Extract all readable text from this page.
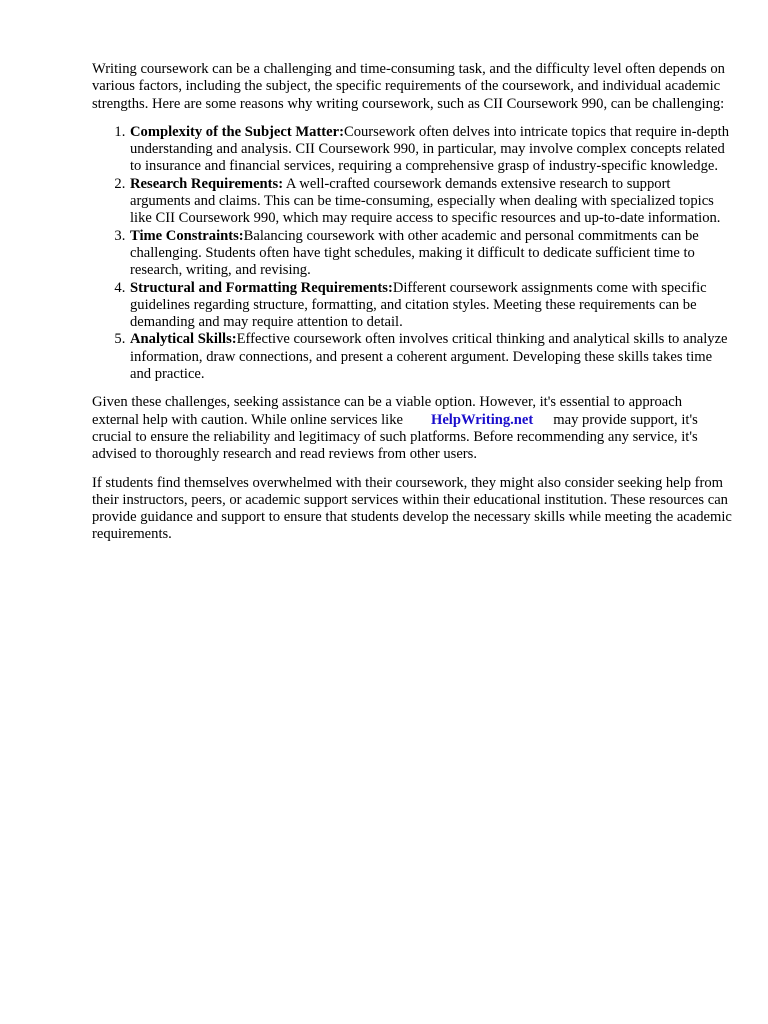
Writing coursework can be a challenging and time-consuming task, and the difficulty level often depends on various factors, including the subject, the specific requirements of the coursework, and individual academic strengths. Here are some reasons why writing coursework, such as CII Coursework 990, can be challenging:

1. Complexity of the Subject Matter:Coursework often delves into intricate topics that require in-depth understanding and analysis. CII Coursework 990, in particular, may involve complex concepts related to insurance and financial services, requiring a comprehensive grasp of industry-specific knowledge.
2. Research Requirements: A well-crafted coursework demands extensive research to support arguments and claims. This can be time-consuming, especially when dealing with specialized topics like CII Coursework 990, which may require access to specific resources and up-to-date information.
3. Time Constraints:Balancing coursework with other academic and personal commitments can be challenging. Students often have tight schedules, making it difficult to dedicate sufficient time to research, writing, and revising.
4. Structural and Formatting Requirements:Different coursework assignments come with specific guidelines regarding structure, formatting, and citation styles. Meeting these requirements can be demanding and may require attention to detail.
5. Analytical Skills:Effective coursework often involves critical thinking and analytical skills to analyze information, draw connections, and present a coherent argument. Developing these skills takes time and practice.

Given these challenges, seeking assistance can be a viable option. However, it's essential to approach external help with caution. While online services like HelpWriting.net may provide support, it's crucial to ensure the reliability and legitimacy of such platforms. Before recommending any service, it's advised to thoroughly research and read reviews from other users.

If students find themselves overwhelmed with their coursework, they might also consider seeking help from their instructors, peers, or academic support services within their educational institution. These resources can provide guidance and support to ensure that students develop the necessary skills while meeting the academic requirements.
